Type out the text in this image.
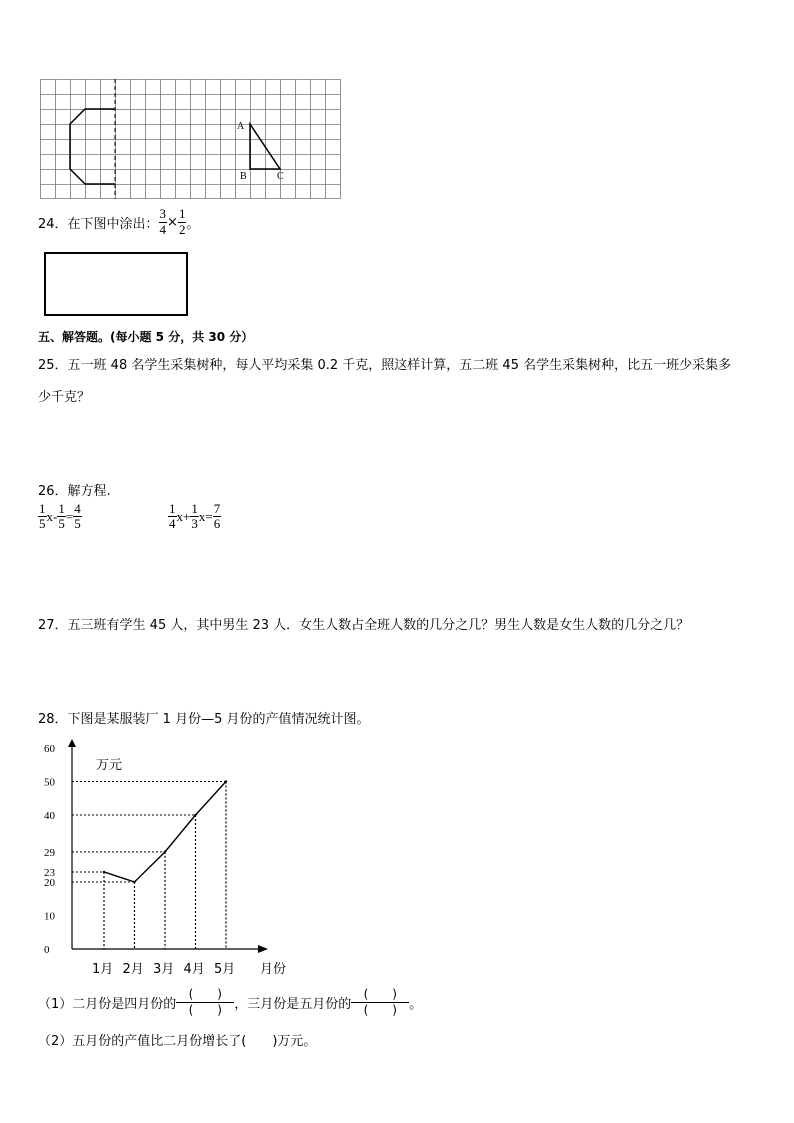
A
B	C
24．在下图中涂出： $\frac{3}{4} \times \frac{1}{2}$ 。
五、解答题。(每小题 5 分，共 30 分）
25．五一班 48 名学生采集树种，每人平均采集 0.2 千克，照这样计算，五二班 45 名学生采集树种，比五一班少采集多
少千克？
26．解方程.
$\frac{1}{5} x- \frac{1}{5} = \frac{4}{5}$	$\frac{1}{4} x+ \frac{1}{3} x= \frac{7}{6}$
27．五三班有学生 45 人，其中男生 23 人．女生人数占全班人数的几分之几？男生人数是女生人数的几分之几？
28．下图是某服装厂 1 月份—5 月份的产值情况统计图。
0
10
20
23
29
40
50
60
万元
1月 2月 3月 4月 5月 月份
（1）二月份是四月份的
(　　)
(　　) ，三月份是五月份的
(　　)
(　　) 。
（2）五月份的产值比二月份增长了(　　)万元。
